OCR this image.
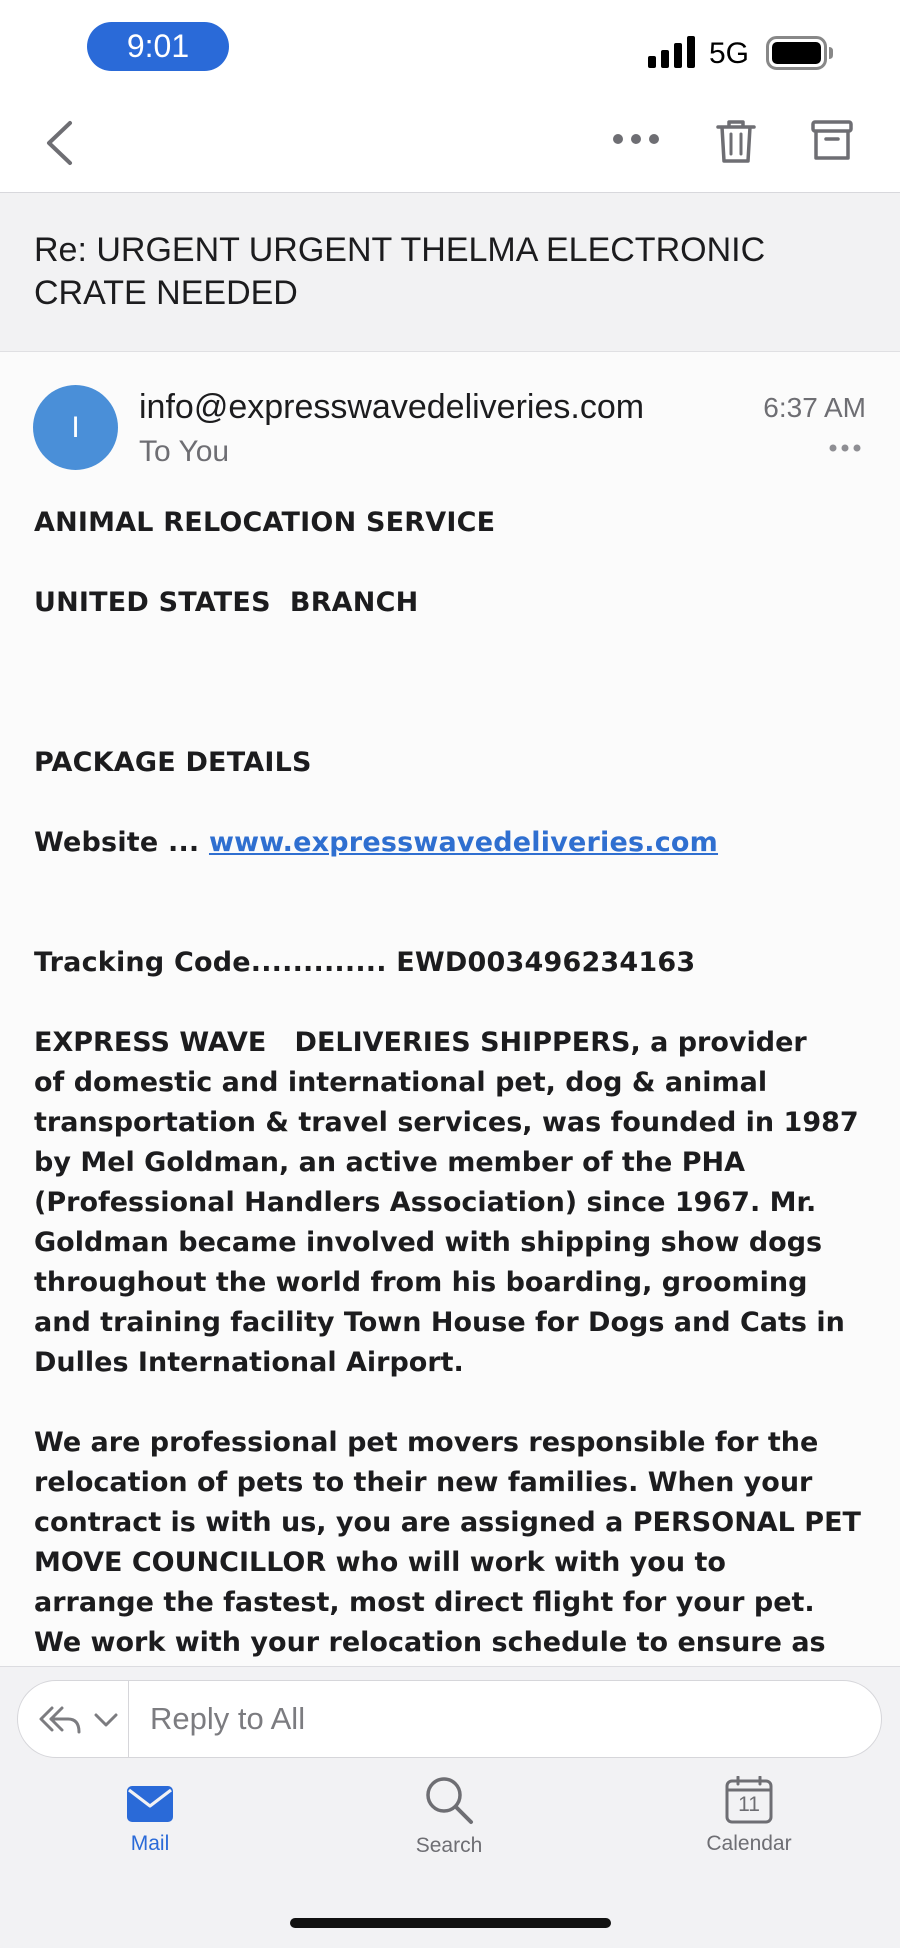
9:01	5G
Re: URGENT URGENT THELMA ELECTRONIC CRATE NEEDED
I
info@expresswavedeliveries.com
To You
6:37 AM

ANIMAL RELOCATION SERVICE

UNITED STATES  BRANCH

PACKAGE DETAILS

Website ... www.expresswavedeliveries.com

Tracking Code............. EWD003496234163

EXPRESS WAVE   DELIVERIES SHIPPERS, a provider
of domestic and international pet, dog & animal
transportation & travel services, was founded in 1987
by Mel Goldman, an active member of the PHA
(Professional Handlers Association) since 1967. Mr.
Goldman became involved with shipping show dogs
throughout the world from his boarding, grooming
and training facility Town House for Dogs and Cats in
Dulles International Airport.
We are professional pet movers responsible for the
relocation of pets to their new families. When your
contract is with us, you are assigned a PERSONAL PET
MOVE COUNCILLOR who will work with you to
arrange the fastest, most direct flight for your pet.
We work with your relocation schedule to ensure as
Reply to All
Mail	Search
11
Calendar
